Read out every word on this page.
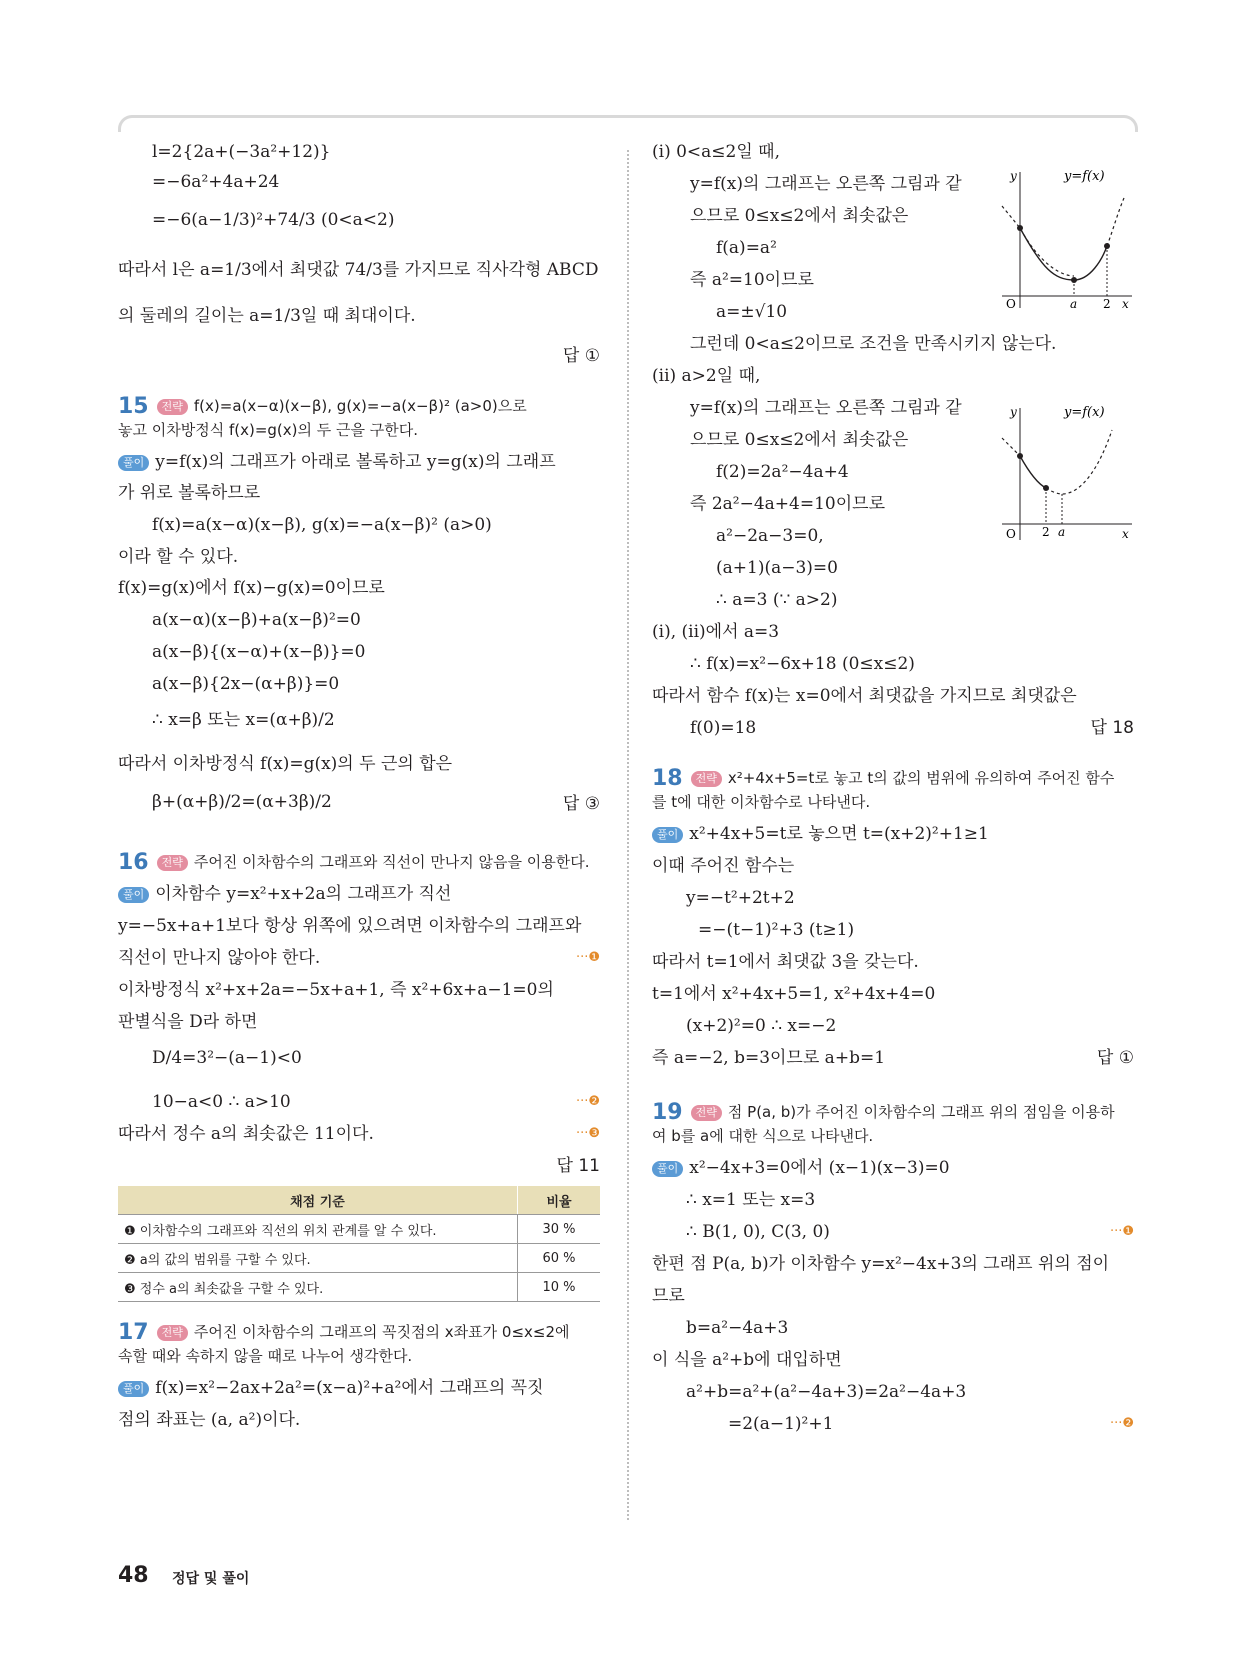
l=2{2a+(−3a²+12)}
=−6a²+4a+24
=−6(a−1/3)²+74/3 (0<a<2)
따라서 l은 a=1/3에서 최댓값 74/3를 가지므로 직사각형 ABCD
의 둘레의 길이는 a=1/3일 때 최대이다.
답 ①
15 전략 f(x)=a(x−α)(x−β), g(x)=−a(x−β)² (a>0)으로
놓고 이차방정식 f(x)=g(x)의 두 근을 구한다.
풀이 y=f(x)의 그래프가 아래로 볼록하고 y=g(x)의 그래프
가 위로 볼록하므로
f(x)=a(x−α)(x−β), g(x)=−a(x−β)² (a>0)
이라 할 수 있다.
f(x)=g(x)에서 f(x)−g(x)=0이므로
a(x−α)(x−β)+a(x−β)²=0
a(x−β){(x−α)+(x−β)}=0
a(x−β){2x−(α+β)}=0
∴ x=β 또는 x=(α+β)/2
따라서 이차방정식 f(x)=g(x)의 두 근의 합은
β+(α+β)/2=(α+3β)/2	답 ③
16 전략 주어진 이차함수의 그래프와 직선이 만나지 않음을 이용한다.
풀이 이차함수 y=x²+x+2a의 그래프가 직선
y=−5x+a+1보다 항상 위쪽에 있으려면 이차함수의 그래프와
직선이 만나지 않아야 한다.	···❶
이차방정식 x²+x+2a=−5x+a+1, 즉 x²+6x+a−1=0의
판별식을 D라 하면
D/4=3²−(a−1)<0
10−a<0 ∴ a>10	···❷
따라서 정수 a의 최솟값은 11이다.	···❸
답 11
채점 기준	비율
❶ 이차함수의 그래프와 직선의 위치 관계를 알 수 있다.	30 %
❷ a의 값의 범위를 구할 수 있다.	60 %
❸ 정수 a의 최솟값을 구할 수 있다.	10 %
17 전략 주어진 이차함수의 그래프의 꼭짓점의 x좌표가 0≤x≤2에
속할 때와 속하지 않을 때로 나누어 생각한다.
풀이 f(x)=x²−2ax+2a²=(x−a)²+a²에서 그래프의 꼭짓
점의 좌표는 (a, a²)이다.
(i) 0<a≤2일 때,
y=f(x)의 그래프는 오른쪽 그림과 같
으므로 0≤x≤2에서 최솟값은
f(a)=a²
즉 a²=10이므로
a=±√10
그런데 0<a≤2이므로 조건을 만족시키지 않는다.
y	y=f(x)
O	a 2 x
(ii) a>2일 때,
y=f(x)의 그래프는 오른쪽 그림과 같
으므로 0≤x≤2에서 최솟값은
f(2)=2a²−4a+4
즉 2a²−4a+4=10이므로
a²−2a−3=0,
(a+1)(a−3)=0
∴ a=3 (∵ a>2)
y	y=f(x)
O 2 a	x
(i), (ii)에서 a=3
∴ f(x)=x²−6x+18 (0≤x≤2)
따라서 함수 f(x)는 x=0에서 최댓값을 가지므로 최댓값은
f(0)=18	답 18
18 전략 x²+4x+5=t로 놓고 t의 값의 범위에 유의하여 주어진 함수
를 t에 대한 이차함수로 나타낸다.
풀이 x²+4x+5=t로 놓으면 t=(x+2)²+1≥1
이때 주어진 함수는
y=−t²+2t+2
=−(t−1)²+3 (t≥1)
따라서 t=1에서 최댓값 3을 갖는다.
t=1에서 x²+4x+5=1, x²+4x+4=0
(x+2)²=0 ∴ x=−2
즉 a=−2, b=3이므로 a+b=1	답 ①
19 전략 점 P(a, b)가 주어진 이차함수의 그래프 위의 점임을 이용하
여 b를 a에 대한 식으로 나타낸다.
풀이 x²−4x+3=0에서 (x−1)(x−3)=0
∴ x=1 또는 x=3
∴ B(1, 0), C(3, 0)	···❶
한편 점 P(a, b)가 이차함수 y=x²−4x+3의 그래프 위의 점이
므로
b=a²−4a+3
이 식을 a²+b에 대입하면
a²+b=a²+(a²−4a+3)=2a²−4a+3
=2(a−1)²+1	···❷
48 정답 및 풀이
